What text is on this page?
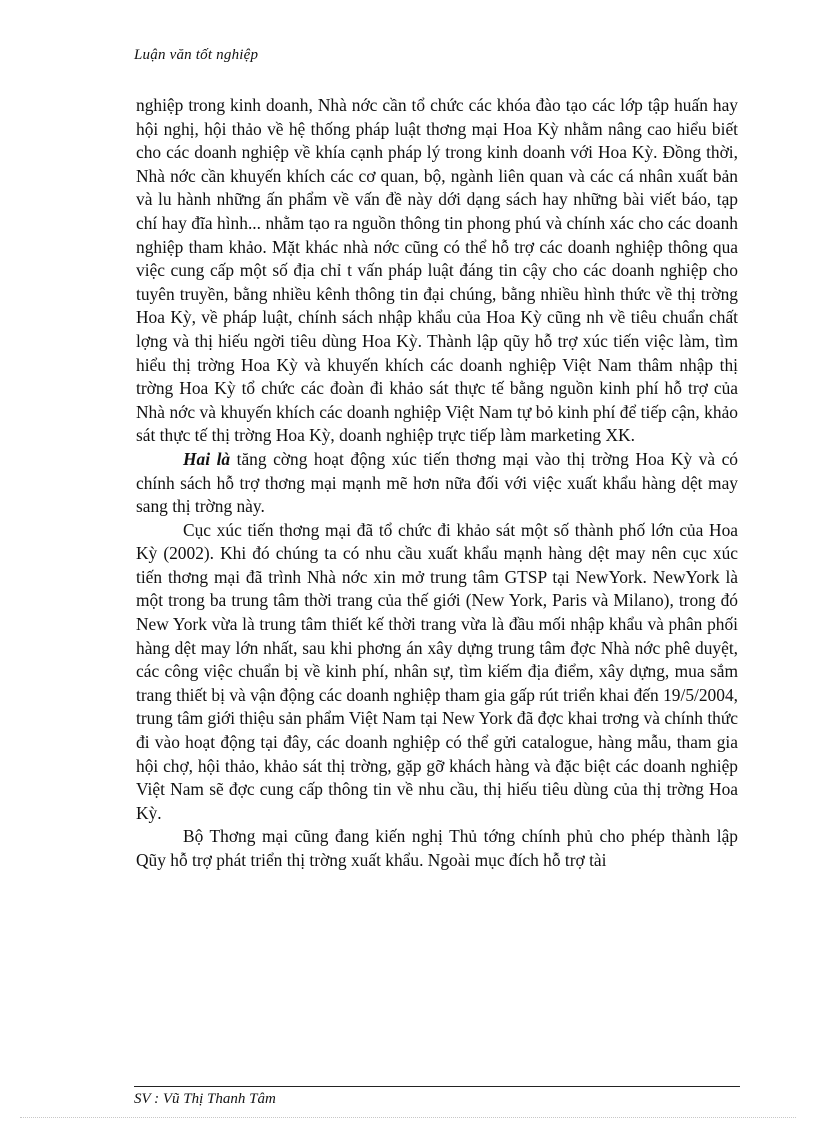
Luận văn tốt nghiệp

nghiệp trong kinh doanh, Nhà nớc cần tổ chức các khóa đào tạo các lớp tập huấn hay hội nghị, hội thảo về hệ thống pháp luật thơng mại Hoa Kỳ nhằm nâng cao hiểu biết cho các doanh nghiệp về khía cạnh pháp lý trong kinh doanh với Hoa Kỳ. Đồng thời, Nhà nớc cần khuyến khích các cơ quan, bộ, ngành liên quan và các cá nhân xuất bản và lu hành những ấn phẩm về vấn đề này dới dạng sách hay những bài viết báo, tạp chí hay đĩa hình... nhằm tạo ra nguồn thông tin phong phú và chính xác cho các doanh nghiệp tham khảo. Mặt khác nhà nớc cũng có thể hỗ trợ các doanh nghiệp thông qua việc cung cấp một số địa chỉ t vấn pháp luật đáng tin cậy cho các doanh nghiệp cho tuyên truyền, bằng nhiều kênh thông tin đại chúng, bằng nhiều hình thức về thị trờng Hoa Kỳ, về pháp luật, chính sách nhập khẩu của Hoa Kỳ cũng nh về tiêu chuẩn chất lợng và thị hiếu ngời tiêu dùng Hoa Kỳ. Thành lập qũy hỗ trợ xúc tiến việc làm, tìm hiểu thị trờng Hoa Kỳ và khuyến khích các doanh nghiệp Việt Nam thâm nhập thị trờng Hoa Kỳ tổ chức các đoàn đi khảo sát thực tế bằng nguồn kinh phí hỗ trợ của Nhà nớc và khuyến khích các doanh nghiệp Việt Nam tự bỏ kinh phí để tiếp cận, khảo sát thực tế thị trờng Hoa Kỳ, doanh nghiệp trực tiếp làm marketing XK.

Hai là tăng cờng hoạt động xúc tiến thơng mại vào thị trờng Hoa Kỳ và có chính sách hỗ trợ thơng mại mạnh mẽ hơn nữa đối với việc xuất khẩu hàng dệt may sang thị trờng này.

Cục xúc tiến thơng mại đã tổ chức đi khảo sát một số thành phố lớn của Hoa Kỳ (2002). Khi đó chúng ta có nhu cầu xuất khẩu mạnh hàng dệt may nên cục xúc tiến thơng mại đã trình Nhà nớc xin mở trung tâm GTSP tại NewYork. NewYork là một trong ba trung tâm thời trang của thế giới (New York, Paris và Milano), trong đó New York vừa là trung tâm thiết kế thời trang vừa là đầu mối nhập khẩu và phân phối hàng dệt may lớn nhất, sau khi phơng án xây dựng trung tâm đợc Nhà nớc phê duyệt, các công việc chuẩn bị về kinh phí, nhân sự, tìm kiếm địa điểm, xây dựng, mua sắm trang thiết bị và vận động các doanh nghiệp tham gia gấp rút triển khai đến 19/5/2004, trung tâm giới thiệu sản phẩm Việt Nam tại New York đã đợc khai trơng và chính thức đi vào hoạt động tại đây, các doanh nghiệp có thể gửi catalogue, hàng mẫu, tham gia hội chợ, hội thảo, khảo sát thị trờng, gặp gỡ khách hàng và đặc biệt các doanh nghiệp Việt Nam sẽ đợc cung cấp thông tin về nhu cầu, thị hiếu tiêu dùng của thị trờng Hoa Kỳ.

Bộ Thơng mại cũng đang kiến nghị Thủ tớng chính phủ cho phép thành lập Qũy hỗ trợ phát triển thị trờng xuất khẩu. Ngoài mục đích hỗ trợ tài

SV : Vũ Thị Thanh Tâm
